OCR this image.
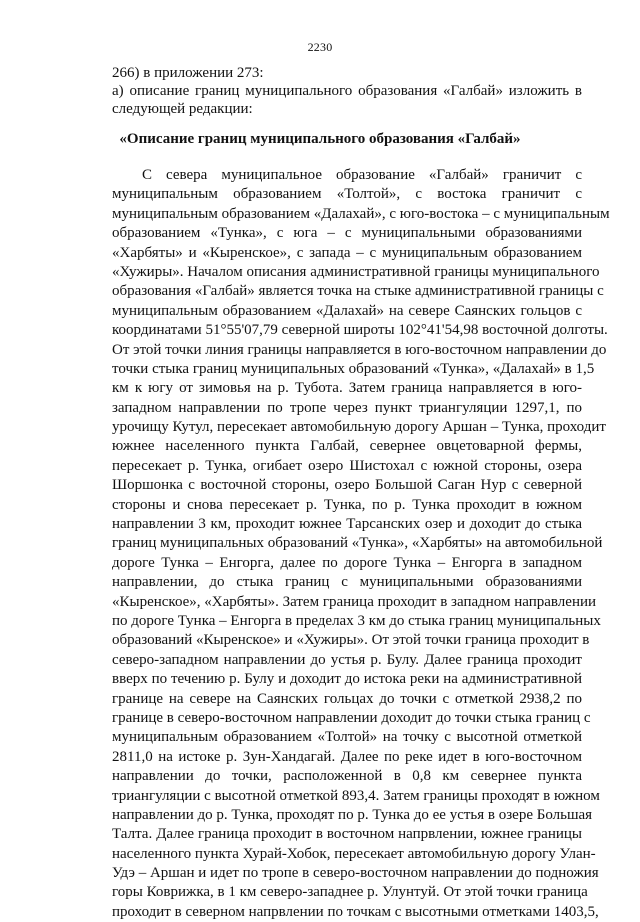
2230

266) в приложении 273:

а) описание границ муниципального образования «Галбай» изложить в

следующей редакции:

«Описание границ муниципального образования «Галбай»
С севера муниципальное образование «Галбай» граничит с
муниципальным образованием «Толтой», с востока граничит с
муниципальным образованием «Далахай», с юго-востока – с муниципальным
образованием «Тунка», с юга – с муниципальными образованиями
«Харбяты» и «Кыренское», с запада – с муниципальным образованием
«Хужиры». Началом описания административной границы муниципального
образования «Галбай» является точка на стыке административной границы с
муниципальным образованием «Далахай» на севере Саянских гольцов с
координатами 51°55'07,79 северной широты 102°41'54,98 восточной долготы.
От этой точки линия границы направляется в юго-восточном направлении до
точки стыка границ муниципальных образований «Тунка», «Далахай» в 1,5
км к югу от зимовья на р. Тубота. Затем граница направляется в юго-
западном направлении по тропе через пункт триангуляции 1297,1, по
урочищу Кутул, пересекает автомобильную дорогу Аршан – Тунка, проходит
южнее населенного пункта Галбай, севернее овцетоварной фермы,
пересекает р. Тунка, огибает озеро Шистохал с южной стороны, озера
Шоршонка с восточной стороны, озеро Большой Саган Нур с северной
стороны и снова пересекает р. Тунка, по р. Тунка проходит в южном
направлении 3 км, проходит южнее Тарсанских озер и доходит до стыка
границ муниципальных образований «Тунка», «Харбяты» на автомобильной
дороге Тунка – Енгорга, далее по дороге Тунка – Енгорга в западном
направлении, до стыка границ с муниципальными образованиями
«Кыренское», «Харбяты». Затем граница проходит в западном направлении
по дороге Тунка – Енгорга в пределах 3 км до стыка границ муниципальных
образований «Кыренское» и «Хужиры». От этой точки граница проходит в
северо-западном направлении до устья р. Булу. Далее граница проходит
вверх по течению р. Булу и доходит до истока реки на административной
границе на севере на Саянских гольцах до точки с отметкой 2938,2 по
границе в северо-восточном направлении доходит до точки стыка границ с
муниципальным образованием «Толтой» на точку с высотной отметкой
2811,0 на истоке р. Зун-Хандагай. Далее по реке идет в юго-восточном
направлении до точки, расположенной в 0,8 км севернее пункта
триангуляции с высотной отметкой 893,4. Затем границы проходят в южном
направлении до р. Тунка, проходят по р. Тунка до ее устья в озере Большая
Талта. Далее граница проходит в восточном напрвлении, южнее границы
населенного пункта Хурай-Хобок, пересекает автомобильную дорогу Улан-
Удэ – Аршан и идет по тропе в северо-восточном направлении до подножия
горы Коврижка, в 1 км северо-западнее р. Улунтуй. От этой точки граница
проходит в северном напрвлении по точкам с высотными отметками 1403,5,
